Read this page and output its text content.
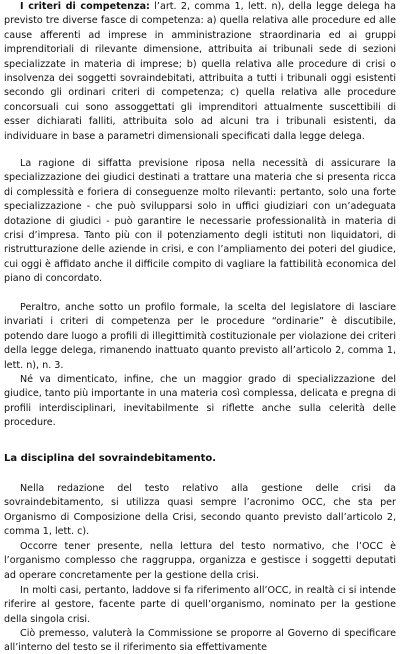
I criteri di competenza: l’art. 2, comma 1, lett. n), della legge delega ha previsto tre diverse fasce di competenza: a) quella relativa alle procedure ed alle cause afferenti ad imprese in amministrazione straordinaria ed ai gruppi imprenditoriali di rilevante dimensione, attribuita ai tribunali sede di sezioni specializzate in materia di imprese; b) quella relativa alle procedure di crisi o insolvenza dei soggetti sovraindebitati, attribuita a tutti i tribunali oggi esistenti secondo gli ordinari criteri di competenza; c) quella relativa alle procedure concorsuali cui sono assoggettati gli imprenditori attualmente suscettibili di esser dichiarati falliti, attribuita solo ad alcuni tra i tribunali esistenti, da individuare in base a parametri dimensionali specificati dalla legge delega.

La ragione di siffatta previsione riposa nella necessità di assicurare la specializzazione dei giudici destinati a trattare una materia che si presenta ricca di complessità e foriera di conseguenze molto rilevanti: pertanto, solo una forte specializzazione - che può svilupparsi solo in uffici giudiziari con un’adeguata dotazione di giudici - può garantire le necessarie professionalità in materia di crisi d’impresa. Tanto più con il potenziamento degli istituti non liquidatori, di ristrutturazione delle aziende in crisi, e con l’ampliamento dei poteri del giudice, cui oggi è affidato anche il difficile compito di vagliare la fattibilità economica del piano di concordato.

Peraltro, anche sotto un profilo formale, la scelta del legislatore di lasciare invariati i criteri di competenza per le procedure “ordinarie” è discutibile, potendo dare luogo a profili di illegittimità costituzionale per violazione dei criteri della legge delega, rimanendo inattuato quanto previsto all’articolo 2, comma 1, lett. n), n. 3.

Né va dimenticato, infine, che un maggior grado di specializzazione del giudice, tanto più importante in una materia così complessa, delicata e pregna di profili interdisciplinari, inevitabilmente si riflette anche sulla celerità delle procedure.

La disciplina del sovraindebitamento.

Nella redazione del testo relativo alla gestione delle crisi da sovraindebitamento, si utilizza quasi sempre l’acronimo OCC, che sta per Organismo di Composizione della Crisi, secondo quanto previsto dall’articolo 2, comma 1, lett. c).

Occorre tener presente, nella lettura del testo normativo, che l’OCC è l’organismo complesso che raggruppa, organizza e gestisce i soggetti deputati ad operare concretamente per la gestione della crisi.

In molti casi, pertanto, laddove si fa riferimento all’OCC, in realtà ci si intende riferire al gestore, facente parte di quell’organismo, nominato per la gestione della singola crisi.

Ciò premesso, valuterà la Commissione se proporre al Governo di specificare all’interno del testo se il riferimento sia effettivamente
